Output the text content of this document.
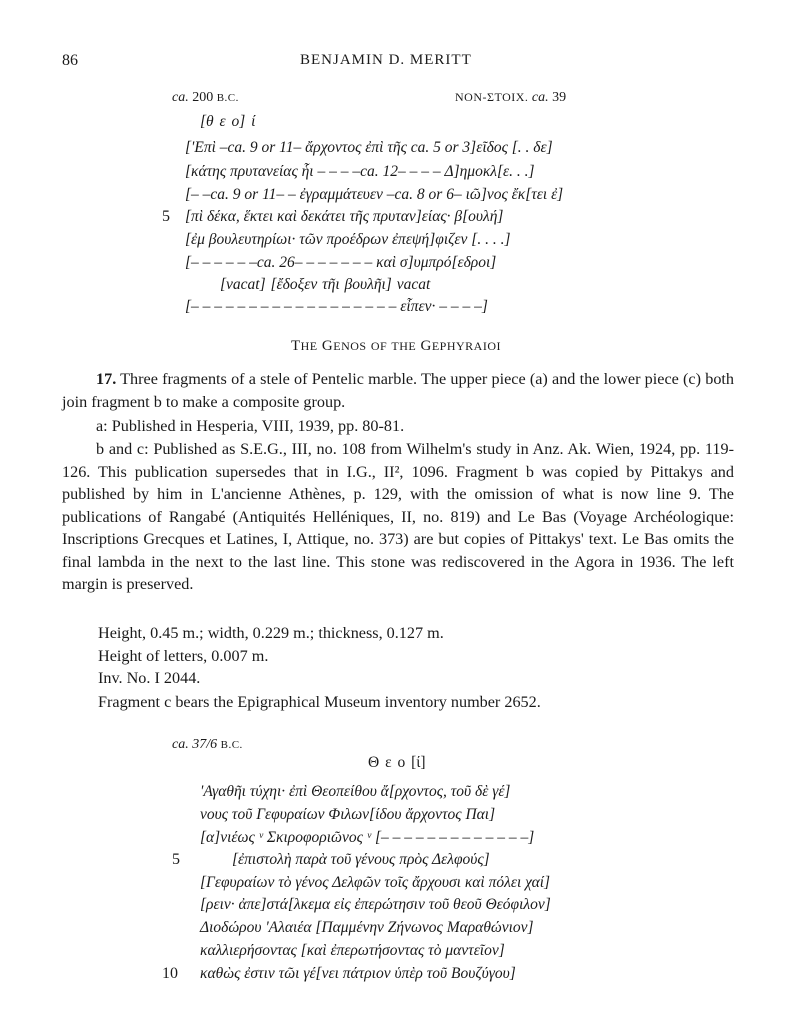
86	BENJAMIN D. MERITT
ca. 200 B.C.	NON-ΣTOIX. ca. 39
[θ ε ο] ί
['Επὶ –ca. 9 or 11– ἄρχοντος ἐπὶ τῆς ca. 5 or 3]εῖδος [. . δε]
[κάτης πρυτανείας ἧι – – – –ca. 12– – – – Δ]ημοκλ[ε. . .]
[– –ca. 9 or 11– – ἐγραμμάτευεν –ca. 8 or 6– ιῶ]νος ἔκ[τει ἐ]
5 [πὶ δέκα, ἕκτει καὶ δεκάτει τῆς πρυταν]είας· β[ουλή]
[ἐμ βουλευτηρίωι· τῶν προέδρων ἐπεψή]φιζεν [. . . .]
[– – – – – –ca. 26– – – – – – – καὶ σ]υμπρό[εδροι]
[vacat] [ἔδοξεν τῆι βουλῆι] vacat
[– – – – – – – – – – – – – – – – – – εἶπεν· – – – –]
THE GENOS OF THE GEPHYRAIOI
17. Three fragments of a stele of Pentelic marble. The upper piece (a) and the lower piece (c) both join fragment b to make a composite group.
a: Published in Hesperia, VIII, 1939, pp. 80-81.
b and c: Published as S.E.G., III, no. 108 from Wilhelm's study in Anz. Ak. Wien, 1924, pp. 119-126. This publication supersedes that in I.G., II², 1096. Fragment b was copied by Pittakys and published by him in L'ancienne Athènes, p. 129, with the omission of what is now line 9. The publications of Rangabé (Antiquités Helléniques, II, no. 819) and Le Bas (Voyage Archéologique: Inscriptions Grecques et Latines, I, Attique, no. 373) are but copies of Pittakys' text. Le Bas omits the final lambda in the next to the last line. This stone was rediscovered in the Agora in 1936. The left margin is preserved.
Height, 0.45 m.; width, 0.229 m.; thickness, 0.127 m.
Height of letters, 0.007 m.
Inv. No. I 2044.
Fragment c bears the Epigraphical Museum inventory number 2652.
ca. 37/6 B.C.
Θ ε ο [ί]
'Αγαθῆι τύχηι· ἐπὶ Θεοπείθου ἄ[ρχοντος, τοῦ δὲ γέ]
νους τοῦ Γεφυραίων Φιλων[ίδου ἄρχοντος Παι]
[α]νιέως ᵛ Σκιροφοριῶνος ᵛ [– – – – – – – – – – – – –]
5	[ἐπιστολὴ παρὰ τοῦ γένους πρὸς Δελφούς]
[Γεφυραίων τὸ γένος Δελφῶν τοῖς ἄρχουσι καὶ πόλει χαί]
[ρειν· ἀπε]στά[λκεμα εἰς ἐπερώτησιν τοῦ θεοῦ Θεόφιλον]
Διοδώρου 'Αλαιέα [Παμμένην Ζήνωνος Μαραθώνιον]
καλλιερήσοντας [καὶ ἐπερωτήσοντας τὸ μαντεῖον]
10 καθὼς ἐστιν τῶι γέ[νει πάτριον ὑπὲρ τοῦ Βουζύγου]
